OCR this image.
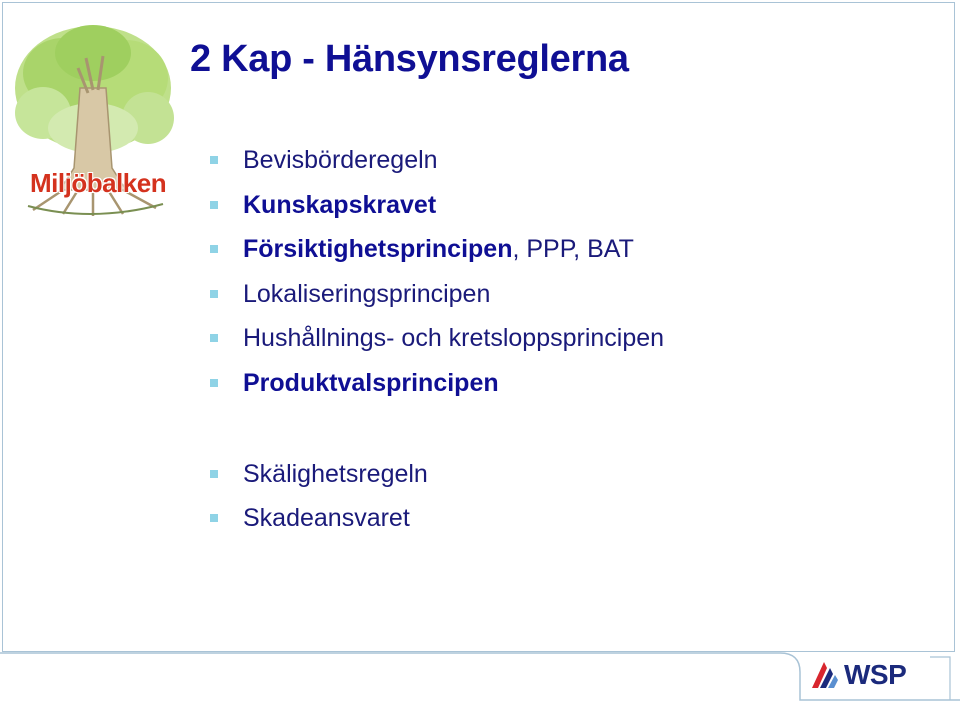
Miljöbalken
2 Kap - Hänsynsreglerna
Bevisbörderegeln
Kunskapskravet
Försiktighetsprincipen , PPP, BAT
Lokaliseringsprincipen
Hushållnings- och kretsloppsprincipen
Produktvalsprincipen
Skälighetsregeln
Skadeansvaret
WSP
